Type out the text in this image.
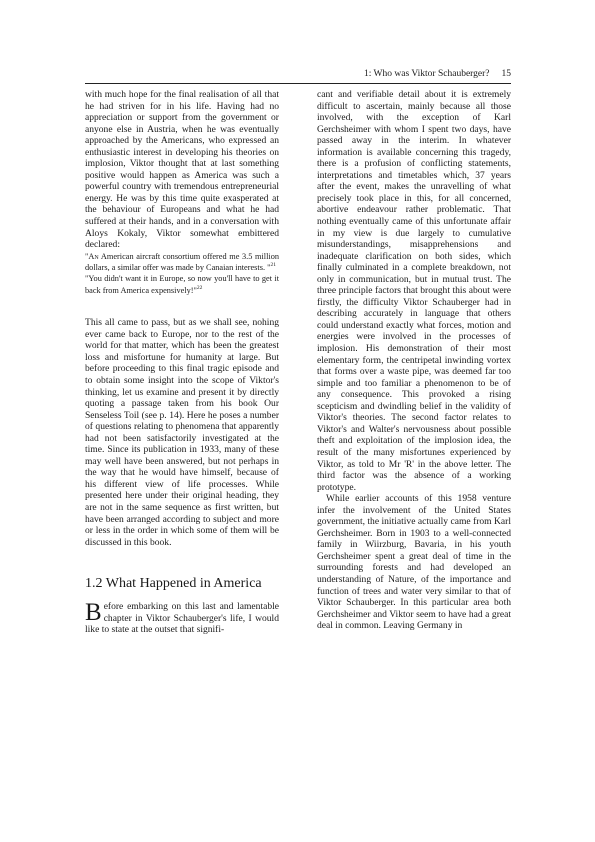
1: Who was Viktor Schauberger? 15

with much hope for the final realisation of all that he had striven for in his life. Having had no appreciation or support from the government or anyone else in Austria, when he was eventually approached by the Americans, who expressed an enthusiastic interest in developing his theories on implosion, Viktor thought that at last something positive would happen as America was such a powerful country with tremendous entrepreneurial energy. He was by this time quite exasperated at the behaviour of Europeans and what he had suffered at their hands, and in a conversation with Aloys Kokaly, Viktor somewhat embittered declared:

"An American aircraft consortium offered me 3.5 million dollars, a similar offer was made by Canaian interests. "$^{21}$

"You didn't want it in Europe, so now you'll have to get it back from America expensively!"$^{22}$

This all came to pass, but as we shall see, nohing ever came back to Europe, nor to the rest of the world for that matter, which has been the greatest loss and misfortune for humanity at large. But before proceeding to this final tragic episode and to obtain some insight into the scope of Viktor's thinking, let us examine and present it by directly quoting a passage taken from his book Our Senseless Toil (see p. 14). Here he poses a number of questions relating to phenomena that apparently had not been satisfactorily investigated at the time. Since its publication in 1933, many of these may well have been answered, but not perhaps in the way that he would have himself, because of his different view of life processes. While presented here under their original heading, they are not in the same sequence as first written, but have been arranged according to subject and more or less in the order in which some of them will be discussed in this book.

1.2 What Happened in America

Before embarking on this last and lamentable chapter in Viktor Schauberger's life, I would like to state at the outset that signifi-

cant and verifiable detail about it is extremely difficult to ascertain, mainly because all those involved, with the exception of Karl Gerchsheimer with whom I spent two days, have passed away in the interim. In whatever information is available concerning this tragedy, there is a profusion of conflicting statements, interpretations and timetables which, 37 years after the event, makes the unravelling of what precisely took place in this, for all concerned, abortive endeavour rather problematic. That nothing eventually came of this unfortunate affair in my view is due largely to cumulative misunderstandings, misapprehensions and inadequate clarification on both sides, which finally culminated in a complete breakdown, not only in communication, but in mutual trust. The three principle factors that brought this about were firstly, the difficulty Viktor Schauberger had in describing accurately in language that others could understand exactly what forces, motion and energies were involved in the processes of implosion. His demonstration of their most elementary form, the centripetal inwinding vortex that forms over a waste pipe, was deemed far too simple and too familiar a phenomenon to be of any consequence. This provoked a rising scepticism and dwindling belief in the validity of Viktor's theories. The second factor relates to Viktor's and Walter's nervousness about possible theft and exploitation of the implosion idea, the result of the many misfortunes experienced by Viktor, as told to Mr 'R' in the above letter. The third factor was the absence of a working prototype.

While earlier accounts of this 1958 venture infer the involvement of the United States government, the initiative actually came from Karl Gerchsheimer. Born in 1903 to a well-connected family in Wiirzburg, Bavaria, in his youth Gerchsheimer spent a great deal of time in the surrounding forests and had developed an understanding of Nature, of the importance and function of trees and water very similar to that of Viktor Schauberger. In this particular area both Gerchsheimer and Viktor seem to have had a great deal in common. Leaving Germany in
